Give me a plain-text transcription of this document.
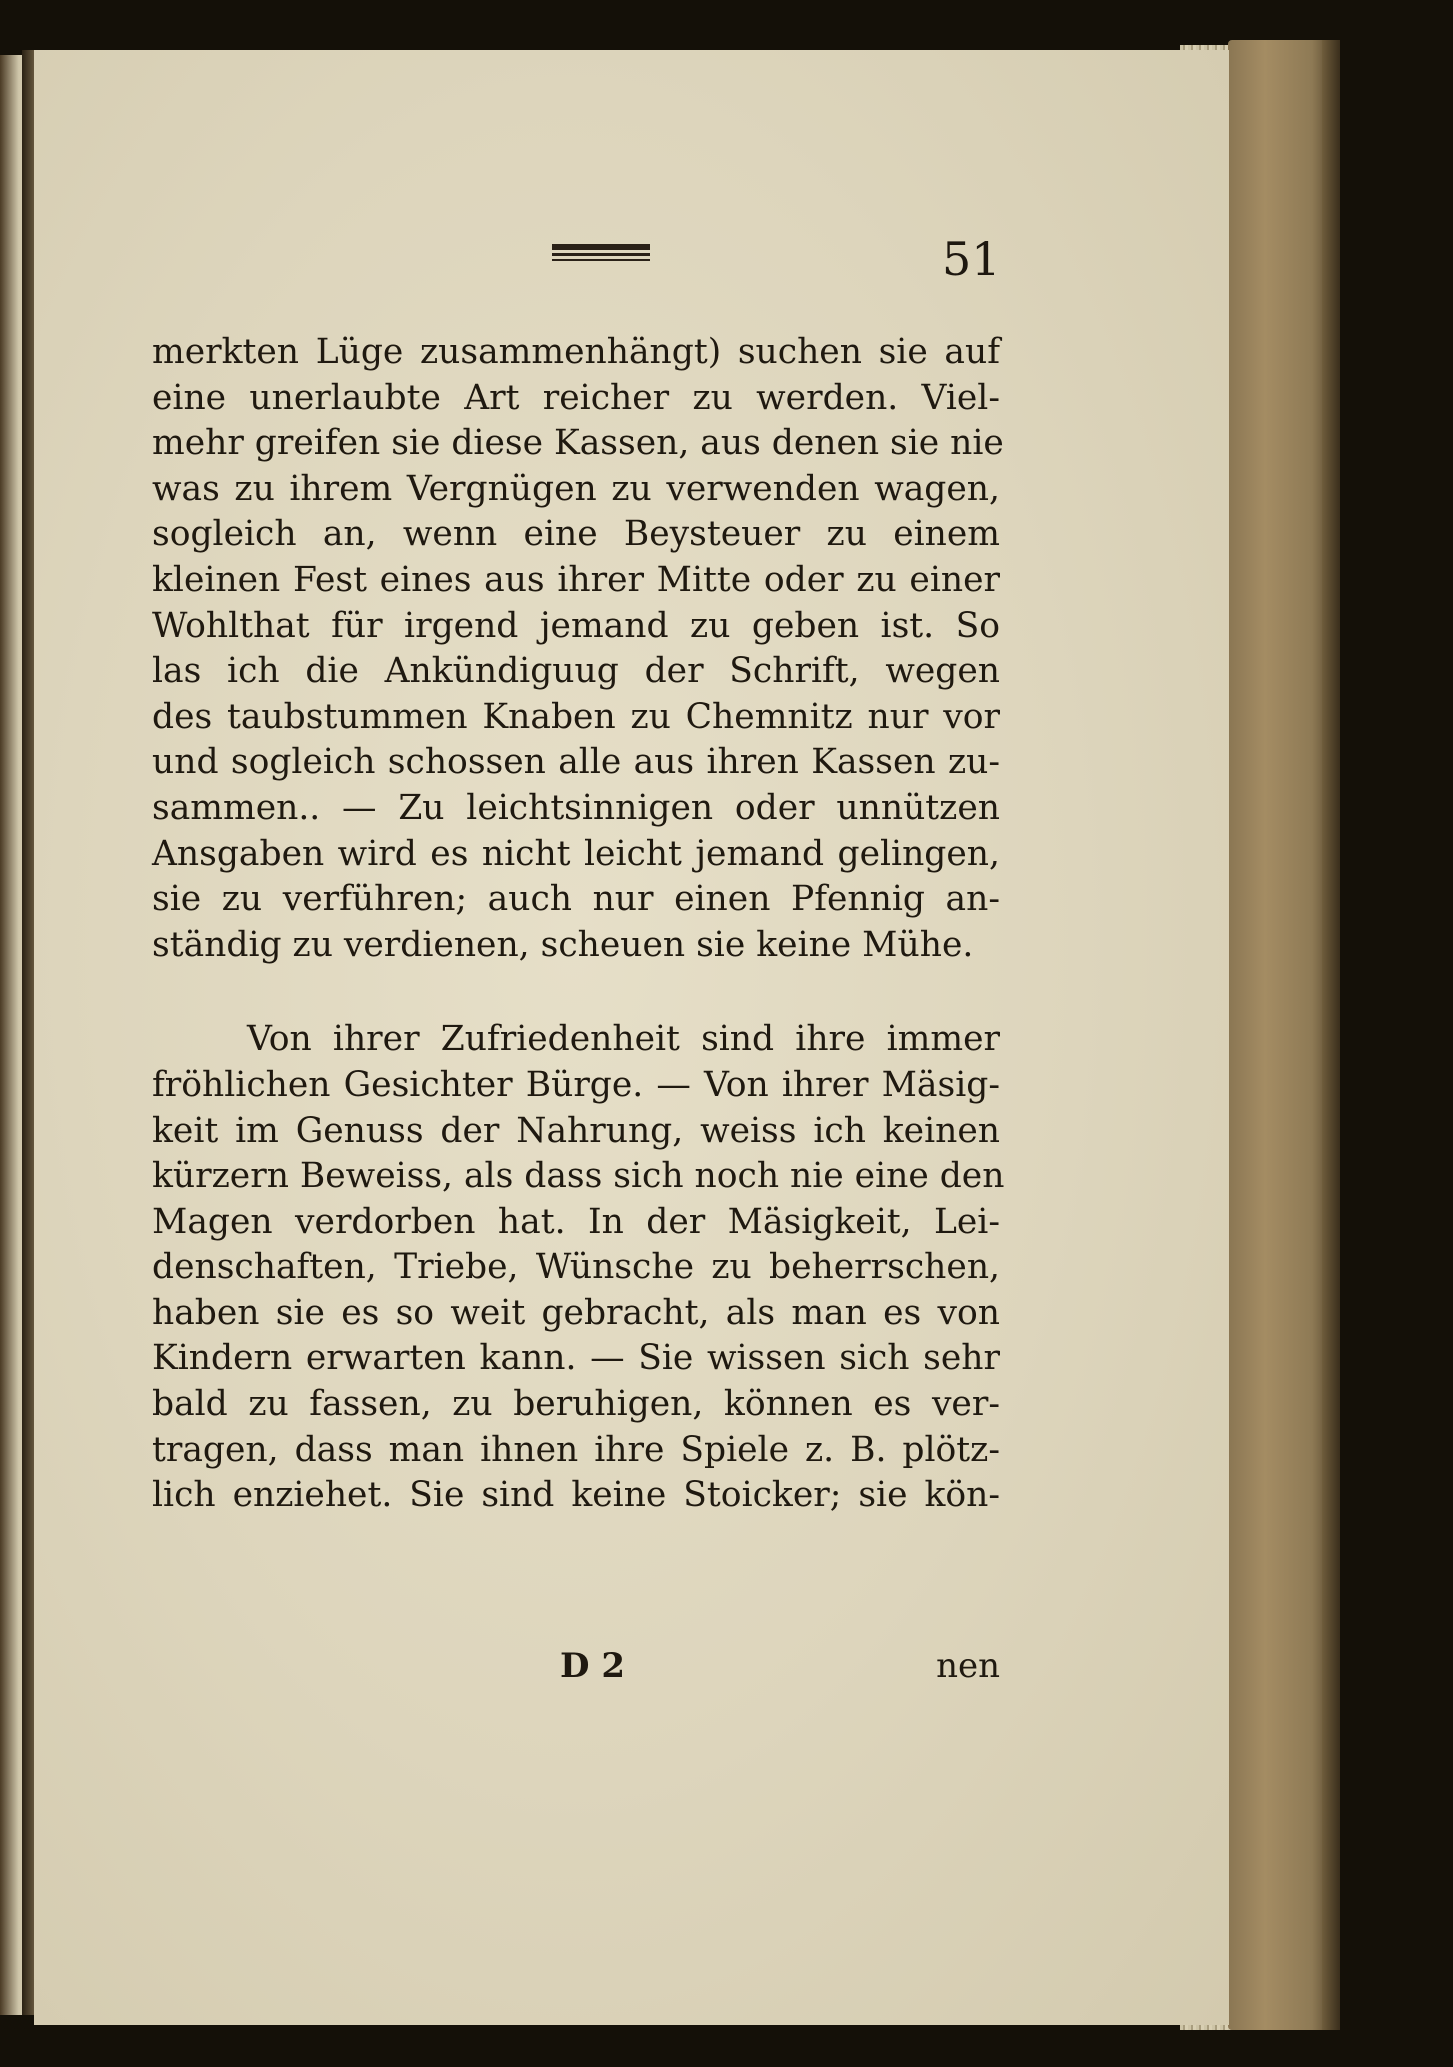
51
merkten Lüge zusammenhängt) suchen sie auf
eine unerlaubte Art reicher zu werden. Viel-
mehr greifen sie diese Kassen, aus denen sie nie
was zu ihrem Vergnügen zu verwenden wagen,
sogleich an, wenn eine Beysteuer zu einem
kleinen Fest eines aus ihrer Mitte oder zu einer
Wohlthat für irgend jemand zu geben ist. So
las ich die Ankündiguug der Schrift, wegen
des taubstummen Knaben zu Chemnitz nur vor
und sogleich schossen alle aus ihren Kassen zu-
sammen.. — Zu leichtsinnigen oder unnützen
Ansgaben wird es nicht leicht jemand gelingen,
sie zu verführen; auch nur einen Pfennig an-
ständig zu verdienen, scheuen sie keine Mühe.
Von ihrer Zufriedenheit sind ihre immer
fröhlichen Gesichter Bürge. — Von ihrer Mäsig-
keit im Genuss der Nahrung, weiss ich keinen
kürzern Beweiss, als dass sich noch nie eine den
Magen verdorben hat. In der Mäsigkeit, Lei-
denschaften, Triebe, Wünsche zu beherrschen,
haben sie es so weit gebracht, als man es von
Kindern erwarten kann. — Sie wissen sich sehr
bald zu fassen, zu beruhigen, können es ver-
tragen, dass man ihnen ihre Spiele z. B. plötz-
lich enziehet. Sie sind keine Stoicker; sie kön-
D 2	nen
